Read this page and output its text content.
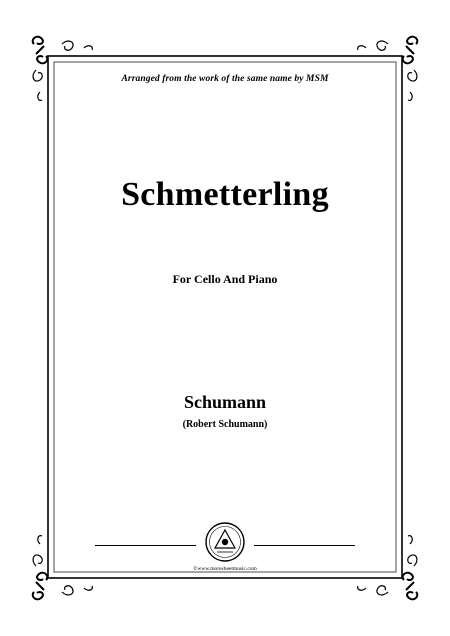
Arranged from the work of the same name by MSM
Schmetterling
For Cello And Piano
Schumann
(Robert Schumann)
©www.moresheetmusic.com
